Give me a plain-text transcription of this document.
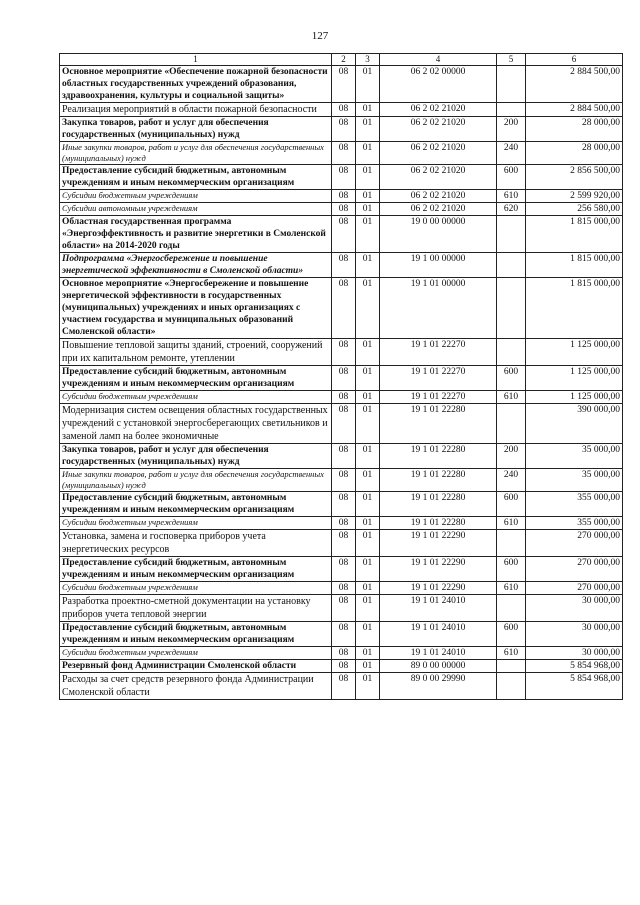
127
1	2	3	4	5	6
Основное мероприятие «Обеспечение пожарной безопасности областных государственных учреждений образования, здравоохранения, культуры и социальной защиты»	08	01	06 2 02 00000		2 884 500,00
Реализация мероприятий в области пожарной безопасности	08	01	06 2 02 21020		2 884 500,00
Закупка товаров, работ и услуг для обеспечения государственных (муниципальных) нужд	08	01	06 2 02 21020	200	28 000,00
Иные закупки товаров, работ и услуг для обеспечения государственных (муниципальных) нужд	08	01	06 2 02 21020	240	28 000,00
Предоставление субсидий бюджетным, автономным учреждениям и иным некоммерческим организациям	08	01	06 2 02 21020	600	2 856 500,00
Субсидии бюджетным учреждениям	08	01	06 2 02 21020	610	2 599 920,00
Субсидии автономным учреждениям	08	01	06 2 02 21020	620	256 580,00
Областная государственная программа «Энергоэффективность и развитие энергетики в Смоленской области» на 2014-2020 годы	08	01	19 0 00 00000		1 815 000,00
Подпрограмма «Энергосбережение и повышение энергетической эффективности в Смоленской области»	08	01	19 1 00 00000		1 815 000,00
Основное мероприятие «Энергосбережение и повышение энергетической эффективности в государственных (муниципальных) учреждениях и иных организациях с участием государства и муниципальных образований Смоленской области»	08	01	19 1 01 00000		1 815 000,00
Повышение тепловой защиты зданий, строений, сооружений при их капитальном ремонте, утеплении	08	01	19 1 01 22270		1 125 000,00
Предоставление субсидий бюджетным, автономным учреждениям и иным некоммерческим организациям	08	01	19 1 01 22270	600	1 125 000,00
Субсидии бюджетным учреждениям	08	01	19 1 01 22270	610	1 125 000,00
Модернизация систем освещения областных государственных учреждений с установкой энергосберегающих светильников и заменой ламп на более экономичные	08	01	19 1 01 22280		390 000,00
Закупка товаров, работ и услуг для обеспечения государственных (муниципальных) нужд	08	01	19 1 01 22280	200	35 000,00
Иные закупки товаров, работ и услуг для обеспечения государственных (муниципальных) нужд	08	01	19 1 01 22280	240	35 000,00
Предоставление субсидий бюджетным, автономным учреждениям и иным некоммерческим организациям	08	01	19 1 01 22280	600	355 000,00
Субсидии бюджетным учреждениям	08	01	19 1 01 22280	610	355 000,00
Установка, замена и госповерка приборов учета энергетических ресурсов	08	01	19 1 01 22290		270 000,00
Предоставление субсидий бюджетным, автономным учреждениям и иным некоммерческим организациям	08	01	19 1 01 22290	600	270 000,00
Субсидии бюджетным учреждениям	08	01	19 1 01 22290	610	270 000,00
Разработка проектно-сметной документации на установку приборов учета тепловой энергии	08	01	19 1 01 24010		30 000,00
Предоставление субсидий бюджетным, автономным учреждениям и иным некоммерческим организациям	08	01	19 1 01 24010	600	30 000,00
Субсидии бюджетным учреждениям	08	01	19 1 01 24010	610	30 000,00
Резервный фонд Администрации Смоленской области	08	01	89 0 00 00000		5 854 968,00
Расходы за счет средств резервного фонда Администрации Смоленской области	08	01	89 0 00 29990		5 854 968,00
